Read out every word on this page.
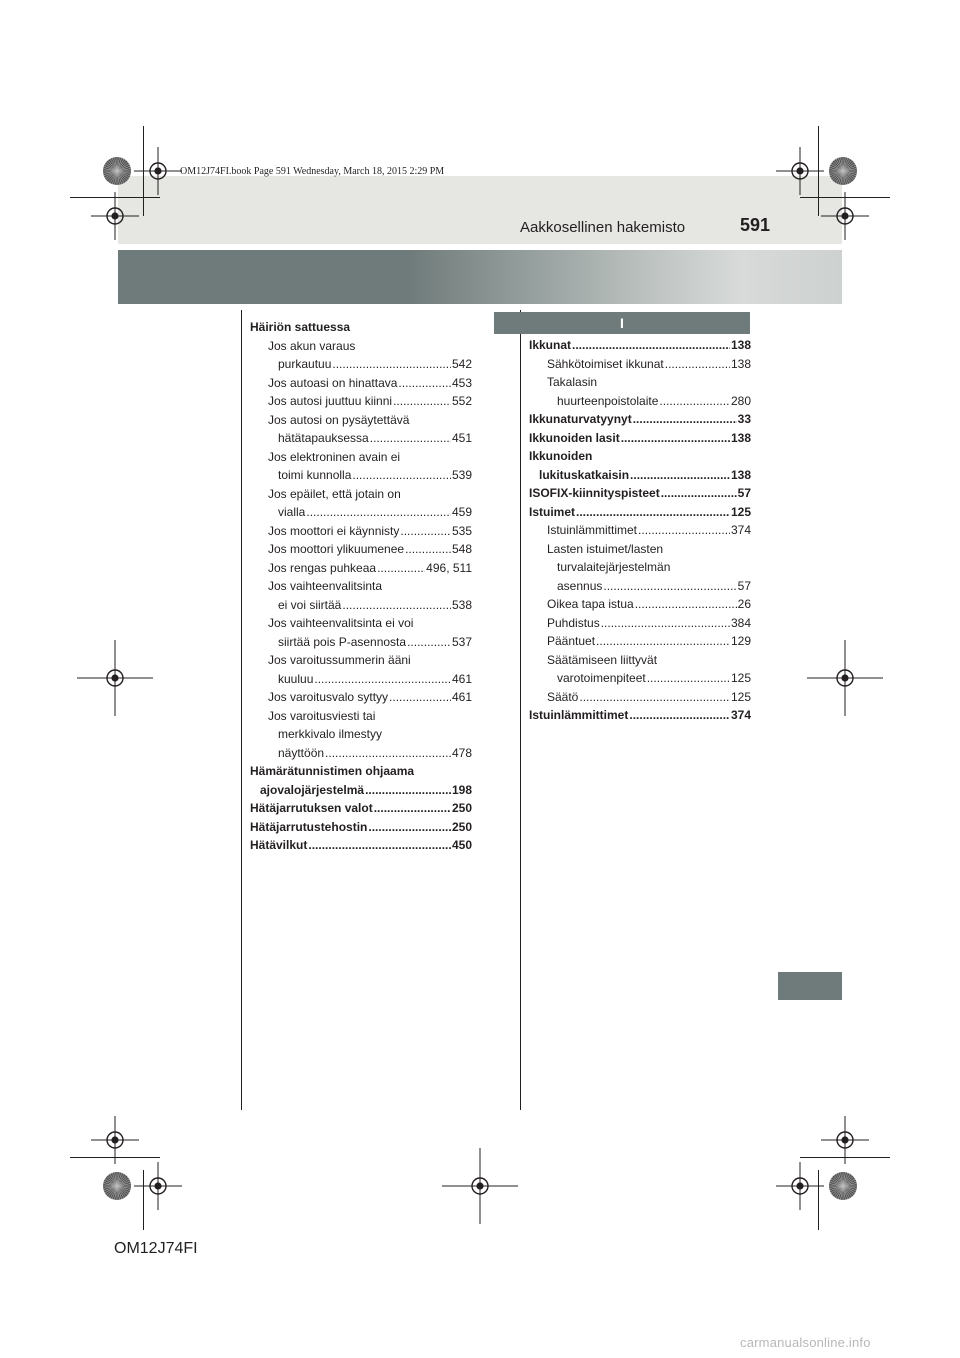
OM12J74FI.book Page 591 Wednesday, March 18, 2015 2:29 PM
Aakkosellinen hakemisto	591
I
Häiriön sattuessa
Jos akun varaus
purkautuu .....	542
Jos autoasi on hinattava .....	453
Jos autosi juuttuu kiinni .....	552
Jos autosi on pysäytettävä
hätätapauksessa .....	451
Jos elektroninen avain ei
toimi kunnolla .....	539
Jos epäilet, että jotain on
vialla .....	459
Jos moottori ei käynnisty .....	535
Jos moottori ylikuumenee .....	548
Jos rengas puhkeaa .....	496, 511
Jos vaihteenvalitsinta
ei voi siirtää .....	538
Jos vaihteenvalitsinta ei voi
siirtää pois P-asennosta .....	537
Jos varoitussummerin ääni
kuuluu .....	461
Jos varoitusvalo syttyy .....	461
Jos varoitusviesti tai
merkkivalo ilmestyy
näyttöön .....	478
Hämärätunnistimen ohjaama
ajovalojärjestelmä .....	198
Hätäjarrutuksen valot .....	250
Hätäjarrutustehostin .....	250
Hätävilkut .....	450
Ikkunat .....	138
Sähkötoimiset ikkunat .....	138
Takalasin
huurteenpoistolaite .....	280
Ikkunaturvatyynyt .....	33
Ikkunoiden lasit .....	138
Ikkunoiden
lukituskatkaisin .....	138
ISOFIX-kiinnityspisteet .....	57
Istuimet .....	125
Istuinlämmittimet .....	374
Lasten istuimet/lasten
turvalaitejärjestelmän
asennus .....	57
Oikea tapa istua .....	26
Puhdistus .....	384
Pääntuet .....	129
Säätämiseen liittyvät
varotoimenpiteet .....	125
Säätö .....	125
Istuinlämmittimet .....	374
OM12J74FI
carmanualsonline.info
